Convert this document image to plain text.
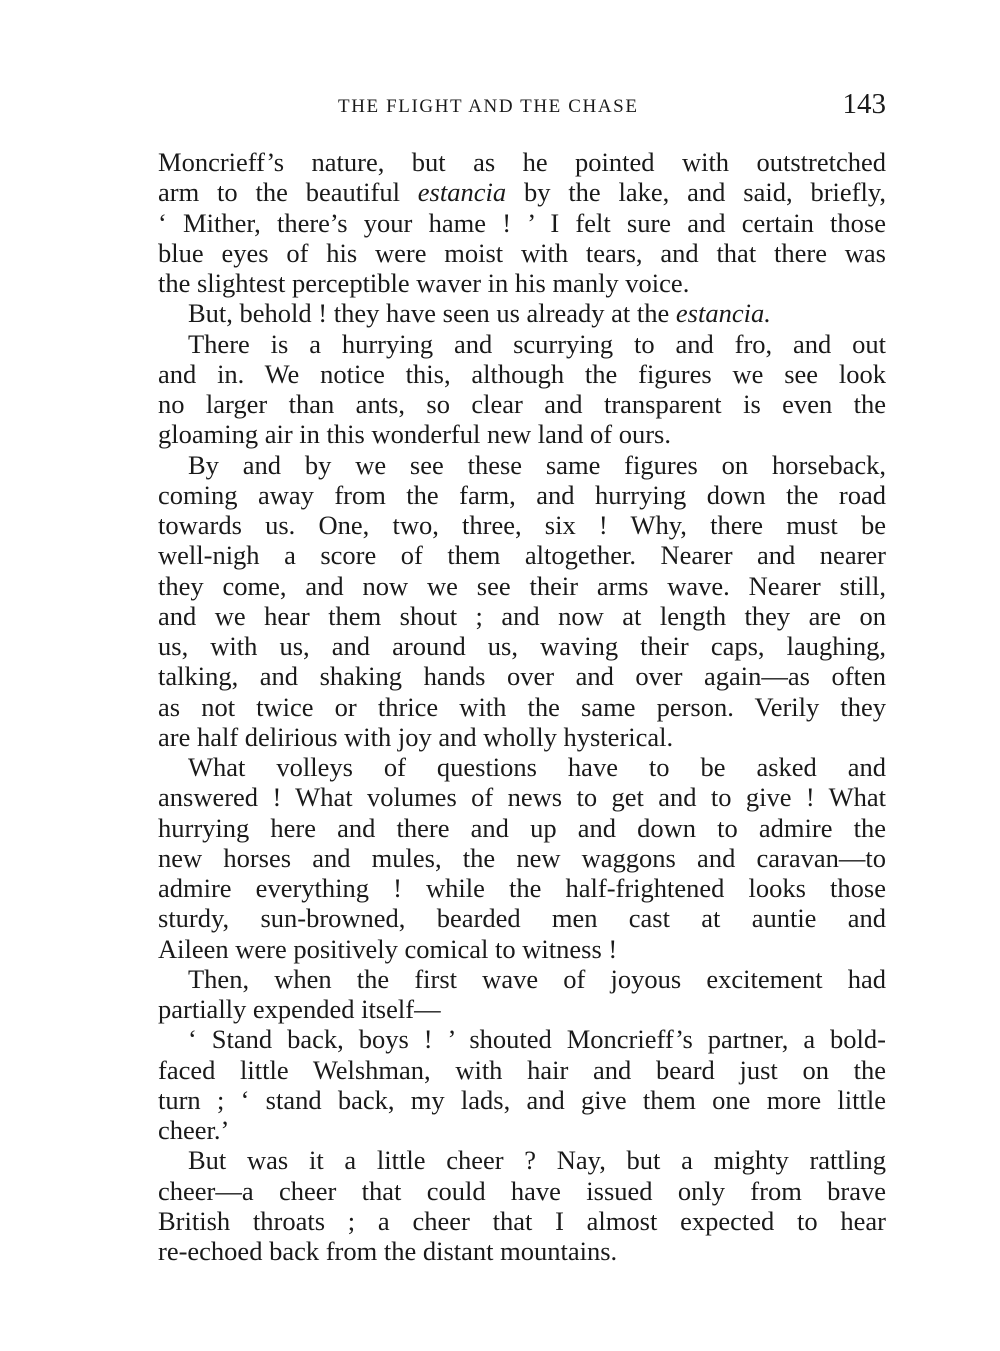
THE FLIGHT AND THE CHASE	143
Moncrieff’s nature, but as he pointed with outstretched
arm to the beautiful estancia by the lake, and said, briefly,
‘ Mither, there’s your hame ! ’ I felt sure and certain those
blue eyes of his were moist with tears, and that there was
the slightest perceptible waver in his manly voice.
But, behold ! they have seen us already at the estancia.
There is a hurrying and scurrying to and fro, and out
and in. We notice this, although the figures we see look
no larger than ants, so clear and transparent is even the
gloaming air in this wonderful new land of ours.
By and by we see these same figures on horseback,
coming away from the farm, and hurrying down the road
towards us. One, two, three, six ! Why, there must be
well-nigh a score of them altogether. Nearer and nearer
they come, and now we see their arms wave. Nearer still,
and we hear them shout ; and now at length they are on
us, with us, and around us, waving their caps, laughing,
talking, and shaking hands over and over again—as often
as not twice or thrice with the same person. Verily they
are half delirious with joy and wholly hysterical.
What volleys of questions have to be asked and
answered ! What volumes of news to get and to give ! What
hurrying here and there and up and down to admire the
new horses and mules, the new waggons and caravan—to
admire everything ! while the half-frightened looks those
sturdy, sun-browned, bearded men cast at auntie and
Aileen were positively comical to witness !
Then, when the first wave of joyous excitement had
partially expended itself—
‘ Stand back, boys ! ’ shouted Moncrieff’s partner, a bold-
faced little Welshman, with hair and beard just on the
turn ; ‘ stand back, my lads, and give them one more little
cheer.’
But was it a little cheer ? Nay, but a mighty rattling
cheer—a cheer that could have issued only from brave
British throats ; a cheer that I almost expected to hear
re-echoed back from the distant mountains.
